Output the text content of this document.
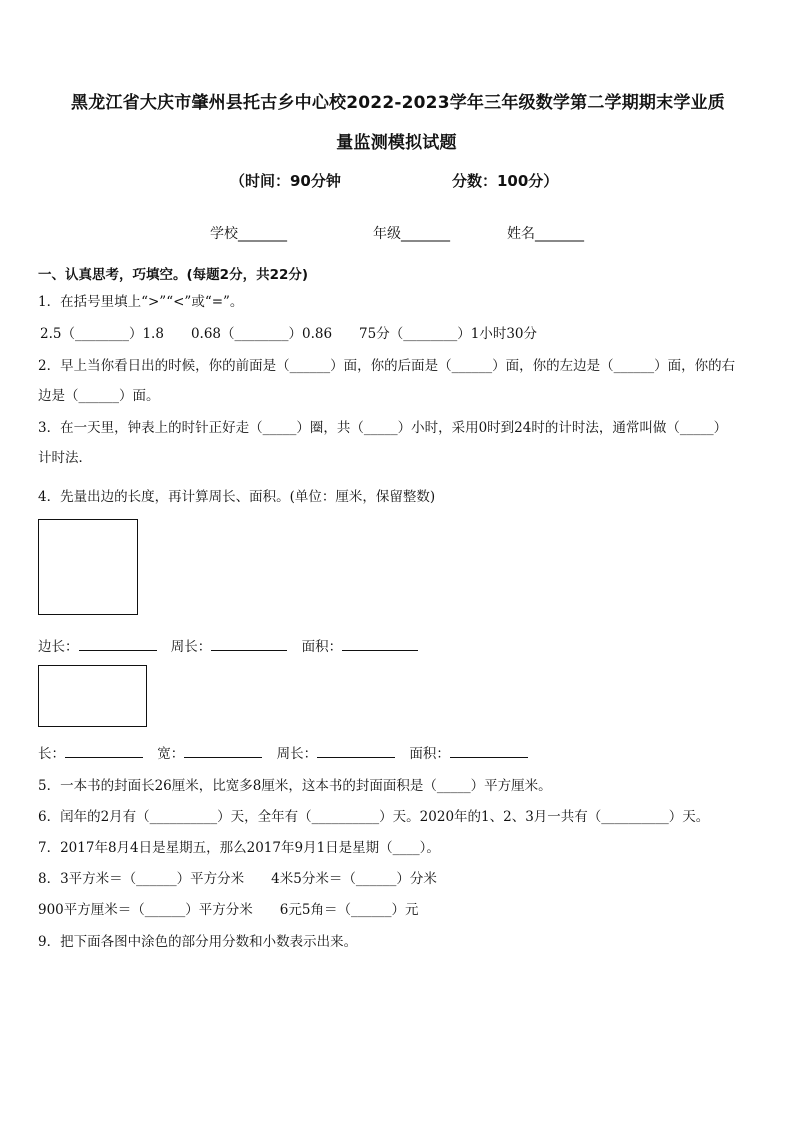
黑龙江省大庆市肇州县托古乡中心校2022-2023学年三年级数学第二学期期末学业质
量监测模拟试题
（时间：90分钟	分数：100分）
学校_______	年级_______	姓名_______
一、认真思考，巧填空。(每题2分，共22分)
1．在括号里填上“>”“<”或“=”。
2.5（________）1.8　　0.68（________）0.86　　75分（________）1小时30分
2．早上当你看日出的时候，你的前面是（______）面，你的后面是（______）面，你的左边是（______）面，你的右
边是（______）面。
3．在一天里，钟表上的时针正好走（_____）圈，共（_____）小时，采用0时到24时的计时法，通常叫做（_____）
计时法．
4．先量出边的长度，再计算周长、面积。(单位：厘米，保留整数)
边长：	周长：	面积：
长：	宽：	周长：	面积：
5．一本书的封面长26厘米，比宽多8厘米，这本书的封面面积是（_____）平方厘米。
6．闰年的2月有（__________）天，全年有（__________）天。2020年的1、2、3月一共有（__________）天。
7．2017年8月4日是星期五，那么2017年9月1日是星期（____）。
8．3平方米＝（______）平方分米　　4米5分米＝（______）分米
900平方厘米＝（______）平方分米　　6元5角＝（______）元
9．把下面各图中涂色的部分用分数和小数表示出来。
